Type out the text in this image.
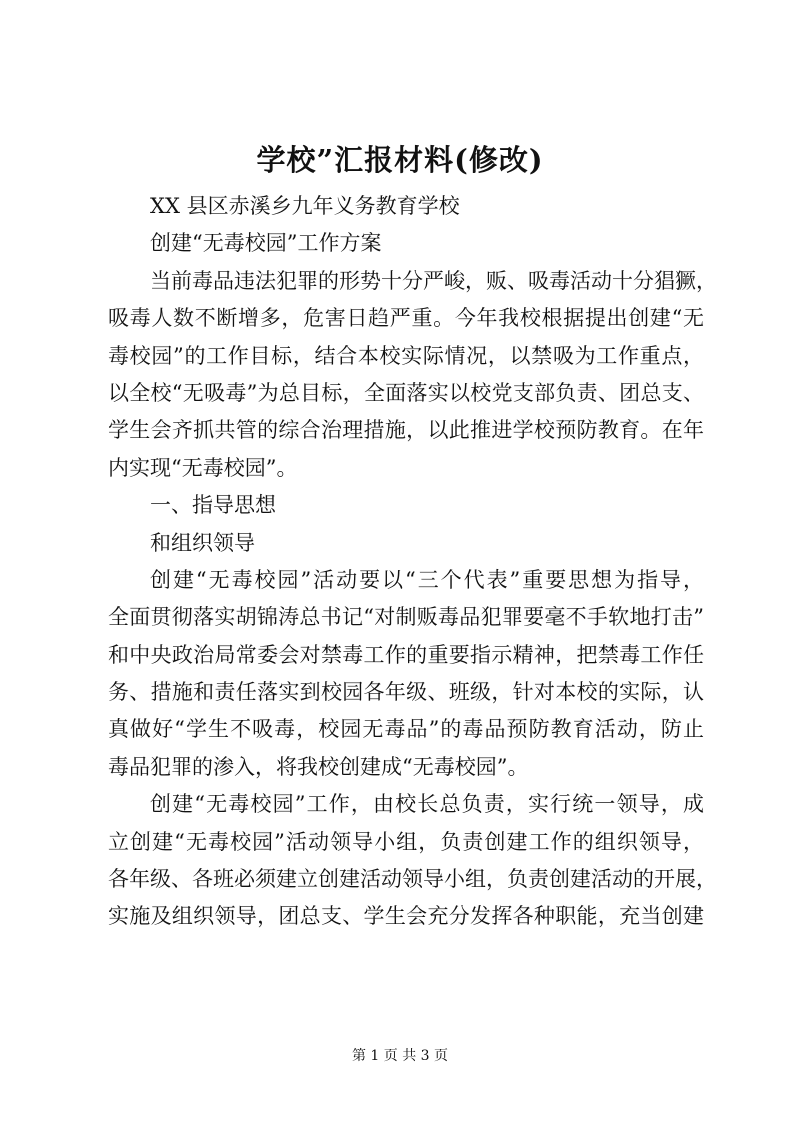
学校”汇报材料(修改)
XX 县区赤溪乡九年义务教育学校
创建“无毒校园”工作方案
当前毒品违法犯罪的形势十分严峻，贩、吸毒活动十分猖獗，
吸毒人数不断增多，危害日趋严重。今年我校根据提出创建“无
毒校园”的工作目标，结合本校实际情况，以禁吸为工作重点，
以全校“无吸毒”为总目标，全面落实以校党支部负责、团总支、
学生会齐抓共管的综合治理措施，以此推进学校预防教育。在年
内实现“无毒校园”。
一、指导思想
和组织领导
创建“无毒校园”活动要以“三个代表”重要思想为指导，
全面贯彻落实胡锦涛总书记“对制贩毒品犯罪要毫不手软地打击”
和中央政治局常委会对禁毒工作的重要指示精神，把禁毒工作任
务、措施和责任落实到校园各年级、班级，针对本校的实际，认
真做好“学生不吸毒，校园无毒品”的毒品预防教育活动，防止
毒品犯罪的渗入，将我校创建成“无毒校园”。
创建“无毒校园”工作，由校长总负责，实行统一领导，成
立创建“无毒校园”活动领导小组，负责创建工作的组织领导，
各年级、各班必须建立创建活动领导小组，负责创建活动的开展，
实施及组织领导，团总支、学生会充分发挥各种职能，充当创建
第 1 页 共 3 页
